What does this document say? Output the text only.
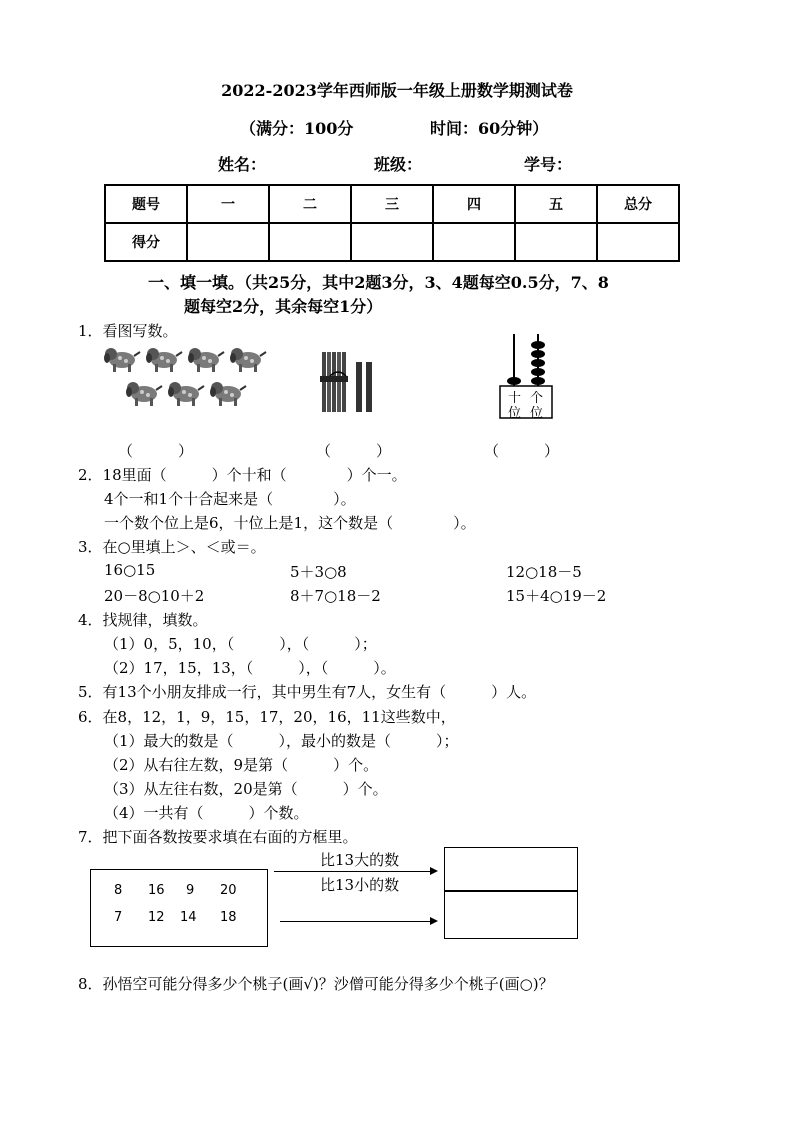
2022-2023学年西师版一年级上册数学期测试卷
（满分：100分	时间：60分钟）
姓名：	班级：	学号：
题号	一	二	三	四	五	总分
得分						
一、填一填。（共25分，其中2题3分，3、4题每空0.5分，7、8
题每空2分，其余每空1分）
1．看图写数。
十 个
位 位
（　　　）	（　　　）	（　　　）
2．18里面（　　　）个十和（　　　　）个一。
4个一和1个十合起来是（　　　　）。
一个数个位上是6，十位上是1，这个数是（　　　　）。
3．在○里填上＞、＜或＝。
16○15	5＋3○8	12○18－5
20－8○10＋2	8＋7○18－2	15＋4○19－2
4．找规律，填数。
（1）0，5，10，（　　　），（　　　）；
（2）17，15，13，（　　　），（　　　）。
5．有13个小朋友排成一行，其中男生有7人，女生有（　　　）人。
6．在8，12，1，9，15，17，20，16，11这些数中，
（1）最大的数是（　　　），最小的数是（　　　）；
（2）从右往左数，9是第（　　　）个。
（3）从左往右数，20是第（　　　）个。
（4）一共有（　　　）个数。
7．把下面各数按要求填在右面的方框里。
8 16 9 20
7 12 14 18
比13大的数
比13小的数
8．孙悟空可能分得多少个桃子(画√)？沙僧可能分得多少个桃子(画○)？
